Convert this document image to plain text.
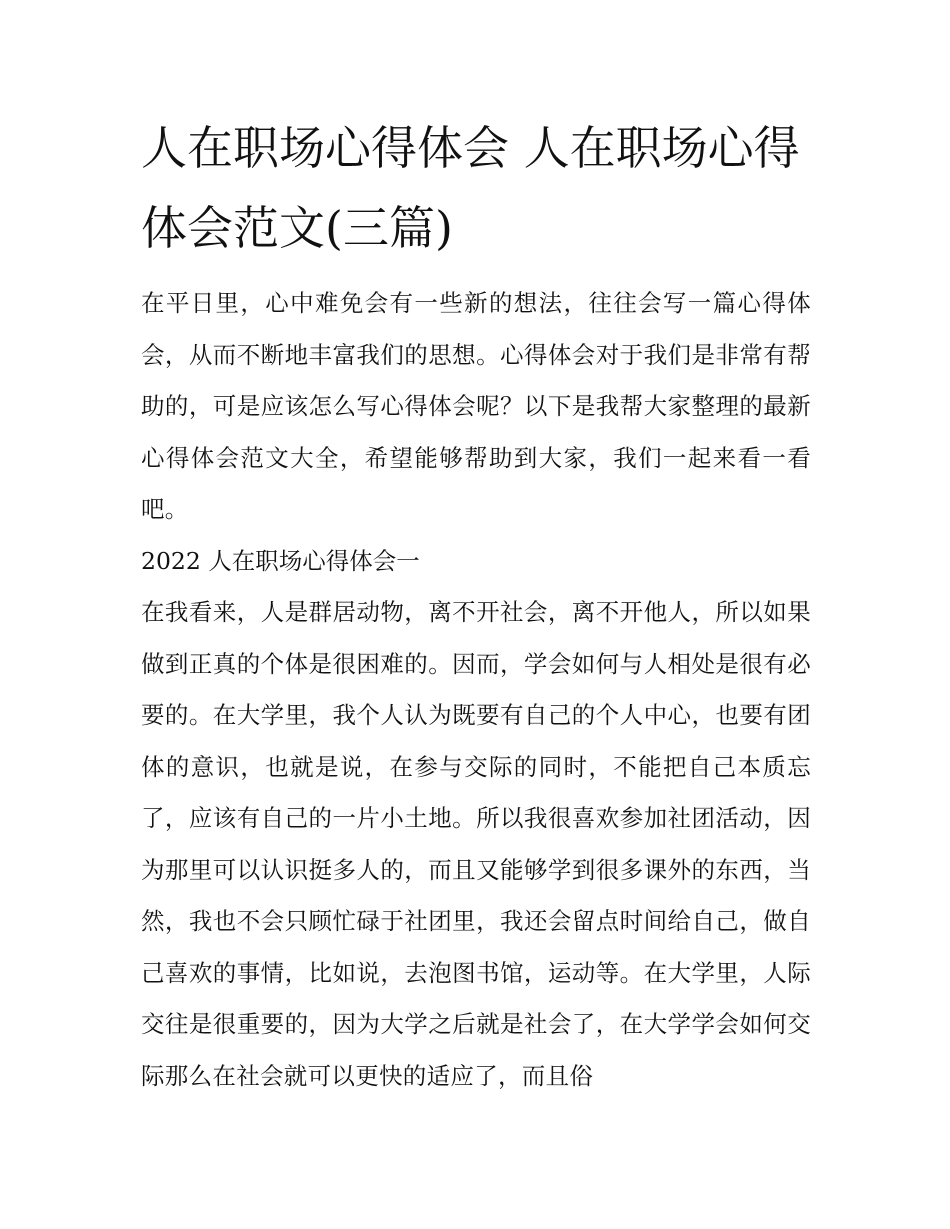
人在职场心得体会 人在职场心得体会范文(三篇)

在平日里，心中难免会有一些新的想法，往往会写一篇心得体会，从而不断地丰富我们的思想。心得体会对于我们是非常有帮助的，可是应该怎么写心得体会呢？以下是我帮大家整理的最新心得体会范文大全，希望能够帮助到大家，我们一起来看一看吧。

2022 人在职场心得体会一

在我看来，人是群居动物，离不开社会，离不开他人，所以如果做到正真的个体是很困难的。因而，学会如何与人相处是很有必要的。在大学里，我个人认为既要有自己的个人中心，也要有团体的意识，也就是说，在参与交际的同时，不能把自己本质忘了，应该有自己的一片小土地。所以我很喜欢参加社团活动，因为那里可以认识挺多人的，而且又能够学到很多课外的东西，当然，我也不会只顾忙碌于社团里，我还会留点时间给自己，做自己喜欢的事情，比如说，去泡图书馆，运动等。在大学里，人际交往是很重要的，因为大学之后就是社会了，在大学学会如何交际那么在社会就可以更快的适应了，而且俗
